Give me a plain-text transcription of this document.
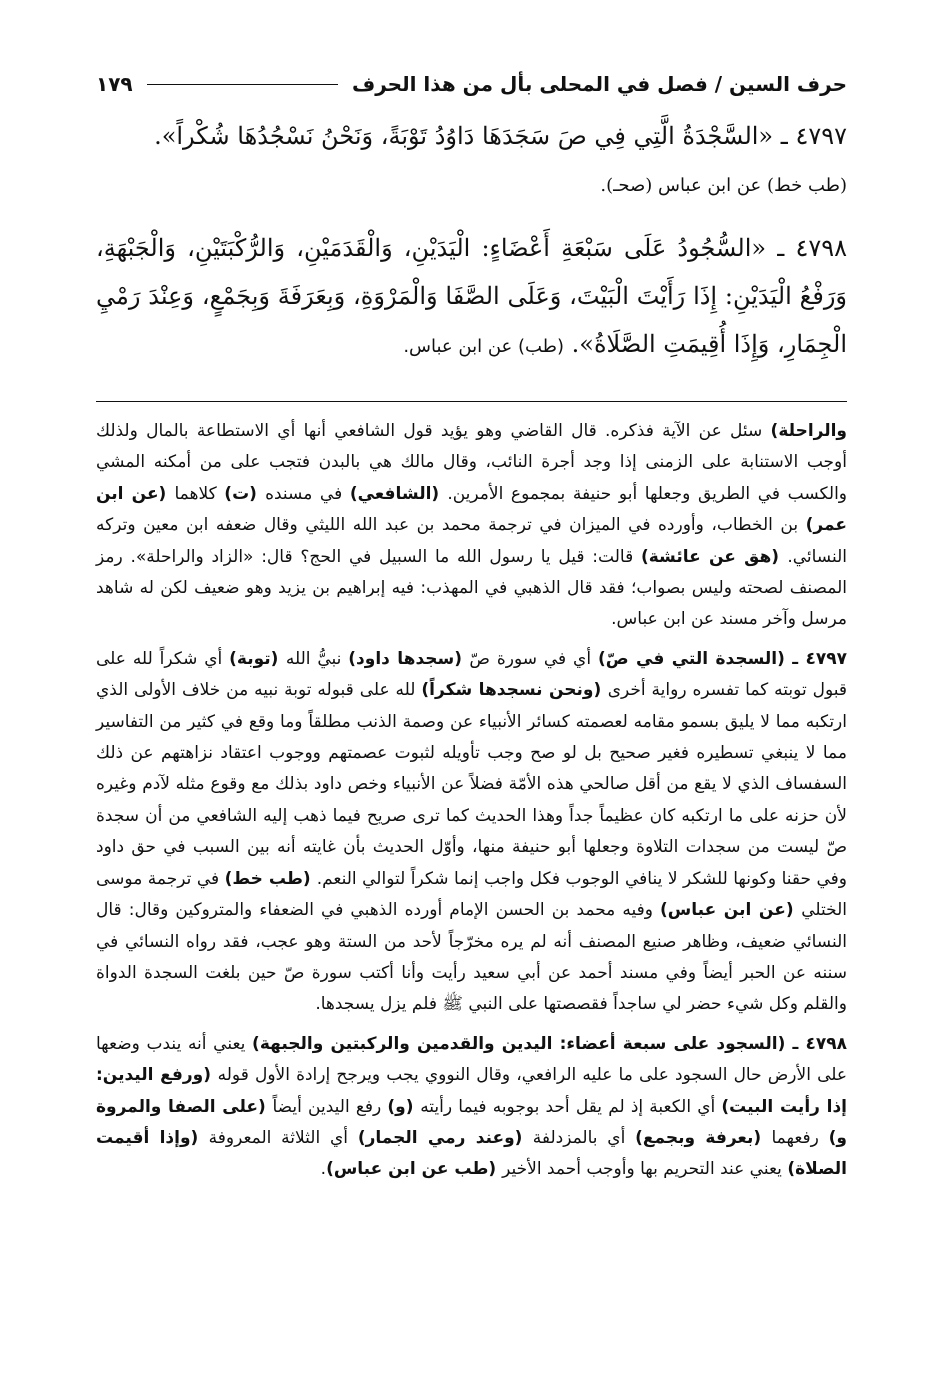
حرف السين / فصل في المحلى بأل من هذا الحرف
١٧٩

٤٧٩٧ ـ «السَّجْدَةُ الَّتِي فِي صَ سَجَدَهَا دَاوُدُ تَوْبَةً، وَنَحْنُ نَسْجُدُهَا شُكْراً».

(طب خط) عن ابن عباس (صحـ).

٤٧٩٨ ـ «السُّجُودُ عَلَى سَبْعَةِ أَعْضَاءٍ: الْيَدَيْنِ، وَالْقَدَمَيْنِ، وَالرُّكْبَتَيْنِ، وَالْجَبْهَةِ، وَرَفْعُ الْيَدَيْنِ: إِذَا رَأَيْتَ الْبَيْتَ، وَعَلَى الصَّفَا وَالْمَرْوَةِ، وَبِعَرَفَةَ وَبِجَمْعٍ، وَعِنْدَ رَمْيِ الْجِمَارِ، وَإِذَا أُقِيمَتِ الصَّلَاةُ». (طب) عن ابن عباس.

والراحلة) سئل عن الآية فذكره. قال القاضي وهو يؤيد قول الشافعي أنها أي الاستطاعة بالمال ولذلك أوجب الاستنابة على الزمنى إذا وجد أجرة النائب، وقال مالك هي بالبدن فتجب على من أمكنه المشي والكسب في الطريق وجعلها أبو حنيفة بمجموع الأمرين. (الشافعي) في مسنده (ت) كلاهما (عن ابن عمر) بن الخطاب، وأورده في الميزان في ترجمة محمد بن عبد الله الليثي وقال ضعفه ابن معين وتركه النسائي. (هق عن عائشة) قالت: قيل يا رسول الله ما السبيل في الحج؟ قال: «الزاد والراحلة». رمز المصنف لصحته وليس بصواب؛ فقد قال الذهبي في المهذب: فيه إبراهيم بن يزيد وهو ضعيف لكن له شاهد مرسل وآخر مسند عن ابن عباس.

٤٧٩٧ ـ (السجدة التي في صّ) أي في سورة صّ (سجدها داود) نبيُّ الله (توبة) أي شكراً لله على قبول توبته كما تفسره رواية أخرى (ونحن نسجدها شكراً) لله على قبوله توبة نبيه من خلاف الأولى الذي ارتكبه مما لا يليق بسمو مقامه لعصمته كسائر الأنبياء عن وصمة الذنب مطلقاً وما وقع في كثير من التفاسير مما لا ينبغي تسطيره فغير صحيح بل لو صح وجب تأويله لثبوت عصمتهم ووجوب اعتقاد نزاهتهم عن ذلك السفساف الذي لا يقع من أقل صالحي هذه الأمّة فضلاً عن الأنبياء وخص داود بذلك مع وقوع مثله لآدم وغيره لأن حزنه على ما ارتكبه كان عظيماً جداً وهذا الحديث كما ترى صريح فيما ذهب إليه الشافعي من أن سجدة صّ ليست من سجدات التلاوة وجعلها أبو حنيفة منها، وأوّل الحديث بأن غايته أنه بين السبب في حق داود وفي حقنا وكونها للشكر لا ينافي الوجوب فكل واجب إنما شكراً لتوالي النعم. (طب خط) في ترجمة موسى الختلي (عن ابن عباس) وفيه محمد بن الحسن الإمام أورده الذهبي في الضعفاء والمتروكين وقال: قال النسائي ضعيف، وظاهر صنيع المصنف أنه لم يره مخرّجاً لأحد من الستة وهو عجب، فقد رواه النسائي في سننه عن الحبر أيضاً وفي مسند أحمد عن أبي سعيد رأيت وأنا أكتب سورة صّ حين بلغت السجدة الدواة والقلم وكل شيء حضر لي ساجداً فقصصتها على النبي ﷺ فلم يزل يسجدها.

٤٧٩٨ ـ (السجود على سبعة أعضاء: اليدين والقدمين والركبتين والجبهة) يعني أنه يندب وضعها على الأرض حال السجود على ما عليه الرافعي، وقال النووي يجب ويرجح إرادة الأول قوله (ورفع اليدين: إذا رأيت البيت) أي الكعبة إذ لم يقل أحد بوجوبه فيما رأيته (و) رفع اليدين أيضاً (على الصفا والمروة و) رفعهما (بعرفة وبجمع) أي بالمزدلفة (وعند رمي الجمار) أي الثلاثة المعروفة (وإذا أقيمت الصلاة) يعني عند التحريم بها وأوجب أحمد الأخير (طب عن ابن عباس).
